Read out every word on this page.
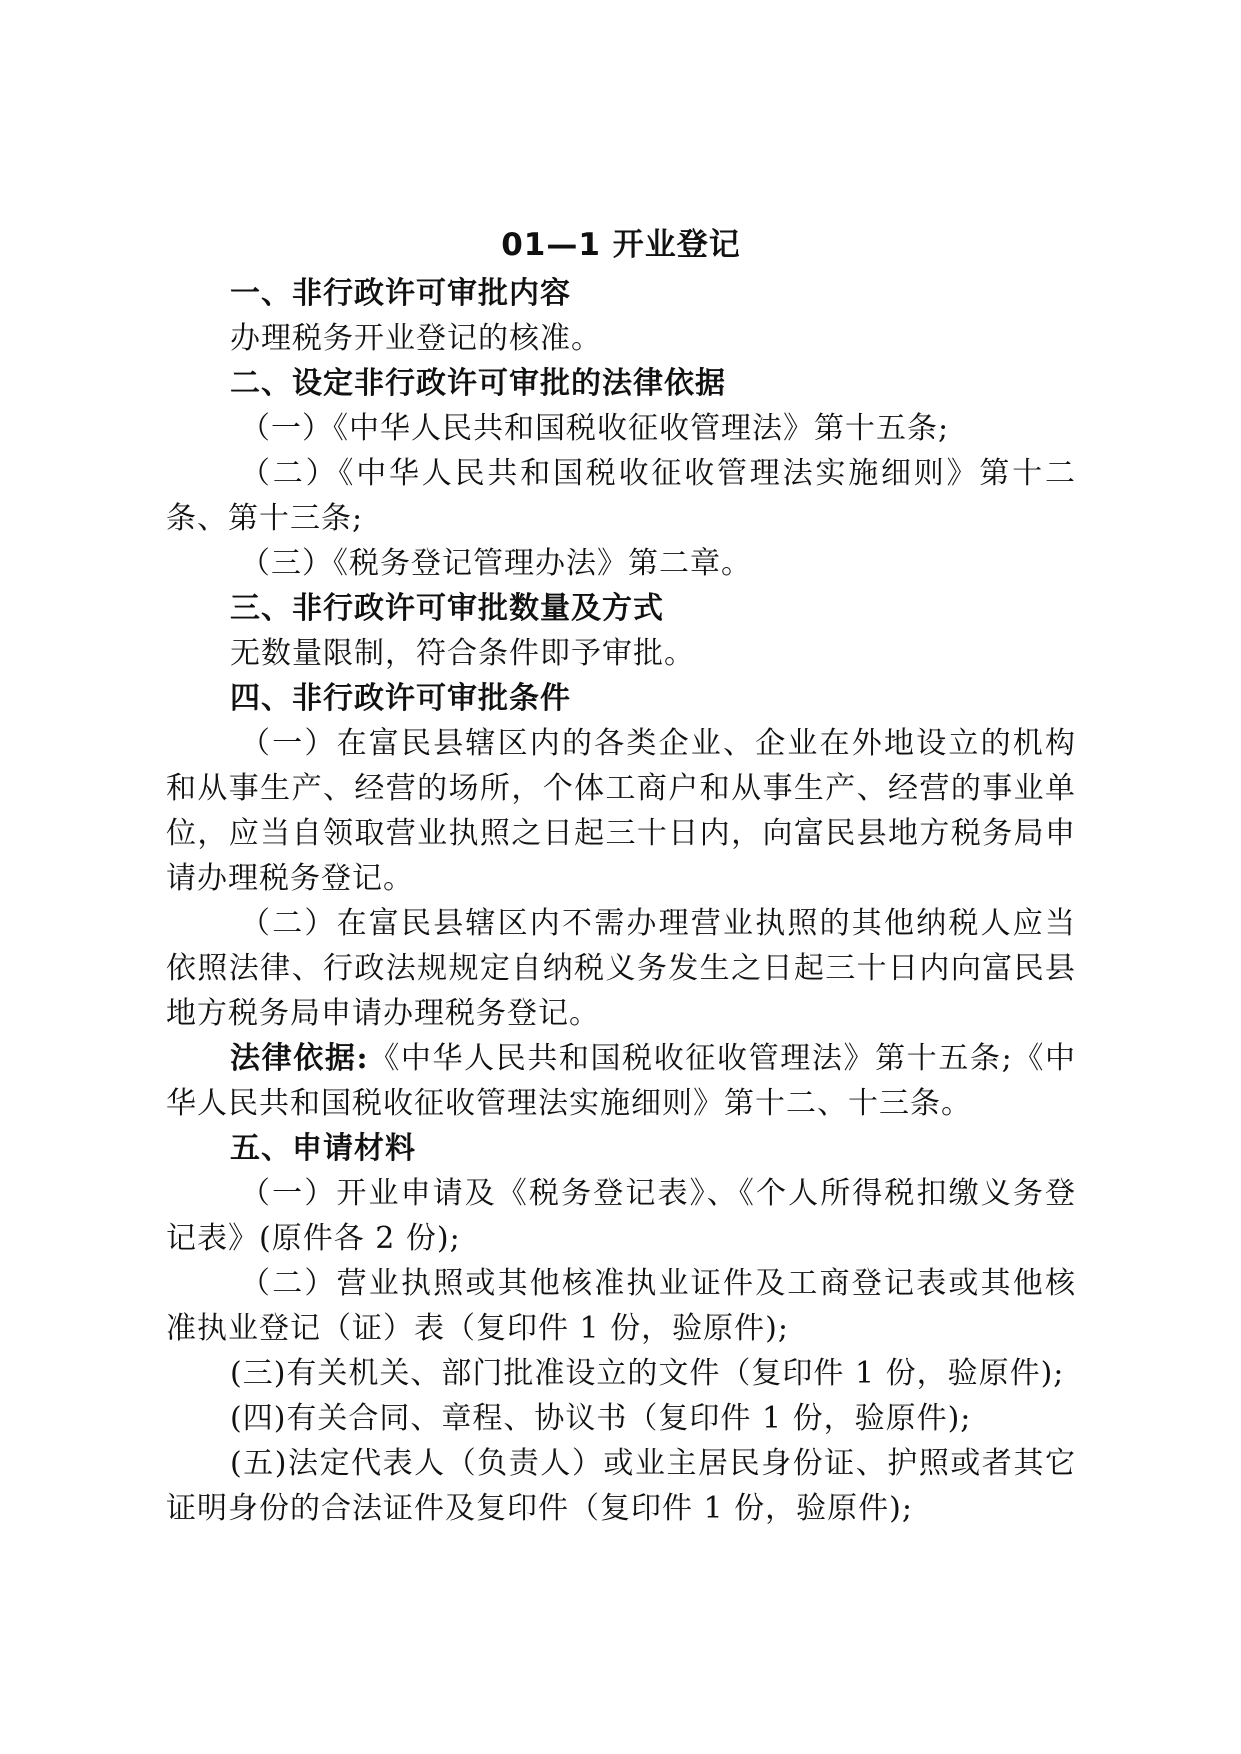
01—1 开业登记

一、非行政许可审批内容

办理税务开业登记的核准。

二、设定非行政许可审批的法律依据

（一）《中华人民共和国税收征收管理法》第十五条;

（二）《中华人民共和国税收征收管理法实施细则》第十二条、第十三条;

（三）《税务登记管理办法》第二章。

三、非行政许可审批数量及方式

无数量限制，符合条件即予审批。

四、非行政许可审批条件

（一）在富民县辖区内的各类企业、企业在外地设立的机构和从事生产、经营的场所，个体工商户和从事生产、经营的事业单位，应当自领取营业执照之日起三十日内，向富民县地方税务局申请办理税务登记。

（二）在富民县辖区内不需办理营业执照的其他纳税人应当依照法律、行政法规规定自纳税义务发生之日起三十日内向富民县地方税务局申请办理税务登记。

法律依据:《中华人民共和国税收征收管理法》第十五条;《中华人民共和国税收征收管理法实施细则》第十二、十三条。

五、申请材料

（一）开业申请及《税务登记表》、《个人所得税扣缴义务登记表》(原件各 2 份);

（二）营业执照或其他核准执业证件及工商登记表或其他核准执业登记（证）表（复印件 1 份，验原件);

(三)有关机关、部门批准设立的文件（复印件 1 份，验原件);

(四)有关合同、章程、协议书（复印件 1 份，验原件);

(五)法定代表人（负责人）或业主居民身份证、护照或者其它证明身份的合法证件及复印件（复印件 1 份，验原件);
